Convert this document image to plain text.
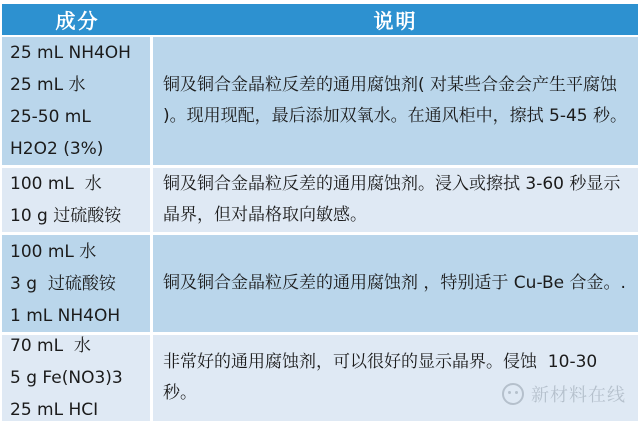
成分	说明
25 mL NH4OH
25 mL 水
25-50 mL
H2O2 (3%)

铜及铜合金晶粒反差的通用腐蚀剂( 对某些合金会产生平腐蚀 )。现用现配，最后添加双氧水。在通风柜中，擦拭 5-45 秒。

100 mL  水
10 g 过硫酸铵

铜及铜合金晶粒反差的通用腐蚀剂。浸入或擦拭 3-60 秒显示晶界，但对晶格取向敏感。

100 mL 水
3 g  过硫酸铵
1 mL NH4OH

铜及铜合金晶粒反差的通用腐蚀剂 ，特别适于 Cu-Be 合金。.

70 mL  水
5 g Fe(NO3)3
25 mL HCI

非常好的通用腐蚀剂，可以很好的显示晶界。侵蚀  10-30 秒。	新材料在线
